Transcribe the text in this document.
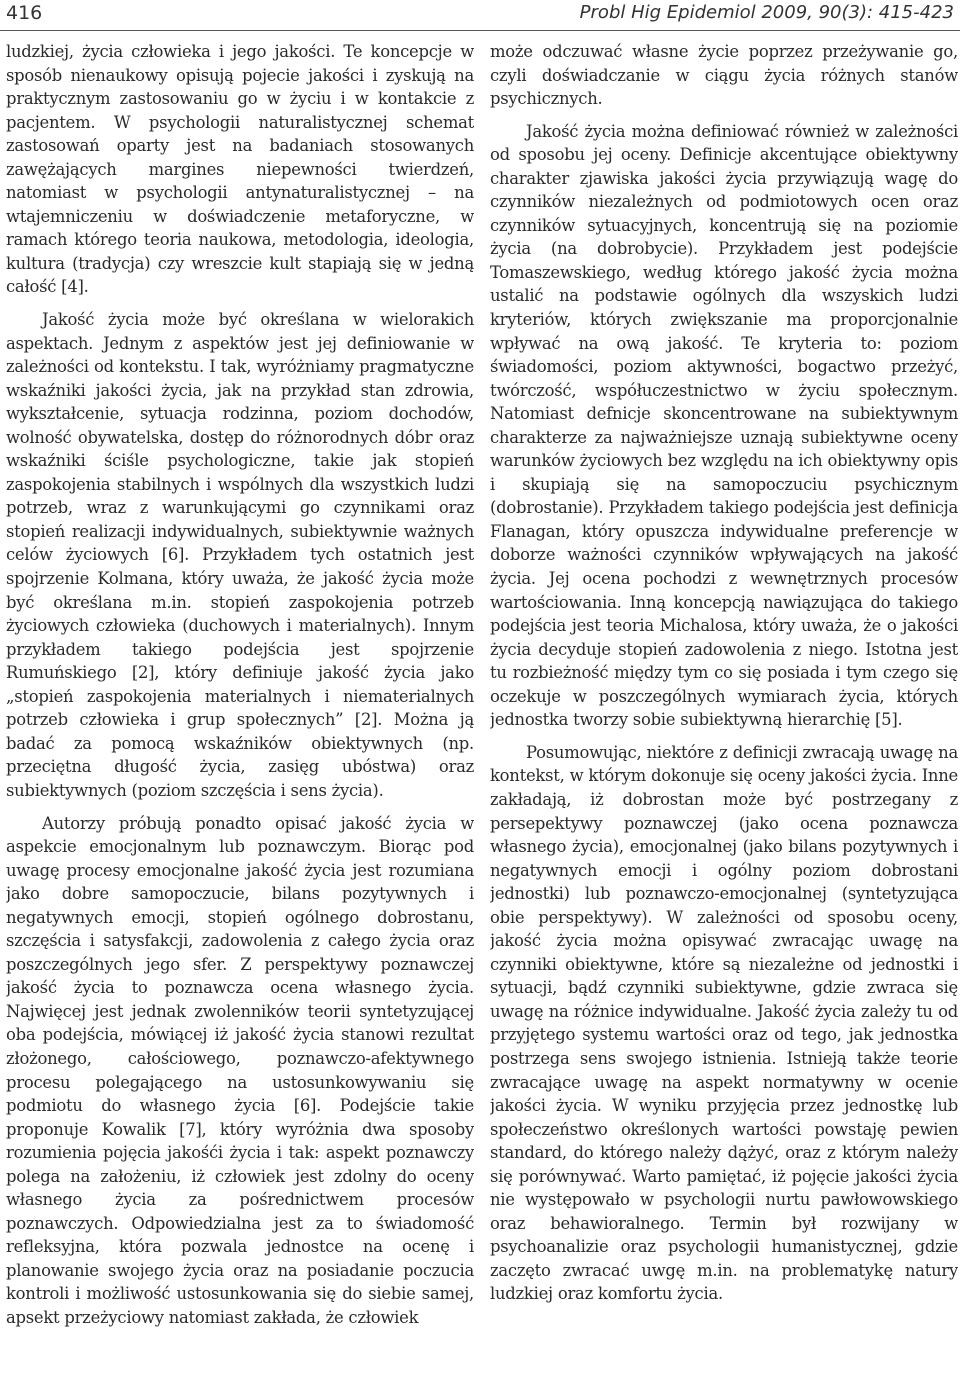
416	Probl Hig Epidemiol 2009, 90(3): 415-423

ludzkiej, życia człowieka i jego jakości. Te koncepcje w sposób nienaukowy opisują pojecie jakości i zyskują na praktycznym zastosowaniu go w życiu i w kontakcie z pacjentem. W psychologii naturalistycznej schemat zastosowań oparty jest na badaniach stosowanych zawężających margines niepewności twierdzeń, natomiast w psychologii antynaturalistycznej – na wtajemniczeniu w doświadczenie metaforyczne, w ramach którego teoria naukowa, metodologia, ideologia, kultura (tradycja) czy wreszcie kult stapiają się w jedną całość [4].

Jakość życia może być określana w wielorakich aspektach. Jednym z aspektów jest jej definiowanie w zależności od kontekstu. I tak, wyróżniamy pragmatyczne wskaźniki jakości życia, jak na przykład stan zdrowia, wykształcenie, sytuacja rodzinna, poziom dochodów, wolność obywatelska, dostęp do różnorodnych dóbr oraz wskaźniki ściśle psychologiczne, takie jak stopień zaspokojenia stabilnych i wspólnych dla wszystkich ludzi potrzeb, wraz z warunkującymi go czynnikami oraz stopień realizacji indywidualnych, subiektywnie ważnych celów życiowych [6]. Przykładem tych ostatnich jest spojrzenie Kolmana, który uważa, że jakość życia może być określana m.in. stopień zaspokojenia potrzeb życiowych człowieka (duchowych i materialnych). Innym przykładem takiego podejścia jest spojrzenie Rumuńskiego [2], który definiuje jakość życia jako „stopień zaspokojenia materialnych i niematerialnych potrzeb człowieka i grup społecznych” [2]. Można ją badać za pomocą wskaźników obiektywnych (np. przeciętna długość życia, zasięg ubóstwa) oraz subiektywnych (poziom szczęścia i sens życia).

Autorzy próbują ponadto opisać jakość życia w aspekcie emocjonalnym lub poznawczym. Biorąc pod uwagę procesy emocjonalne jakość życia jest rozumiana jako dobre samopoczucie, bilans pozytywnych i negatywnych emocji, stopień ogólnego dobrostanu, szczęścia i satysfakcji, zadowolenia z całego życia oraz poszczególnych jego sfer. Z perspektywy poznawczej jakość życia to poznawcza ocena własnego życia. Najwięcej jest jednak zwolenników teorii syntetyzującej oba podejścia, mówiącej iż jakość życia stanowi rezultat złożonego, całościowego, poznawczo-afektywnego procesu polegającego na ustosunkowywaniu się podmiotu do własnego życia [6]. Podejście takie proponuje Kowalik [7], który wyróżnia dwa sposoby rozumienia pojęcia jakośći życia i tak: aspekt poznawczy polega na założeniu, iż człowiek jest zdolny do oceny własnego życia za pośrednictwem procesów poznawczych. Odpowiedzialna jest za to świadomość refleksyjna, która pozwala jednostce na ocenę i planowanie swojego życia oraz na posiadanie poczucia kontroli i możliwość ustosunkowania się do siebie samej, apsekt przeżyciowy natomiast zakłada, że człowiek

może odczuwać własne życie poprzez przeżywanie go, czyli doświadczanie w ciągu życia różnych stanów psychicznych.

Jakość życia można definiować również w zależności od sposobu jej oceny. Definicje akcentujące obiektywny charakter zjawiska jakości życia przywiązują wagę do czynników niezależnych od podmiotowych ocen oraz czynników sytuacyjnych, koncentrują się na poziomie życia (na dobrobycie). Przykładem jest podejście Tomaszewskiego, według którego jakość życia można ustalić na podstawie ogólnych dla wszyskich ludzi kryteriów, których zwiększanie ma proporcjonalnie wpływać na ową jakość. Te kryteria to: poziom świadomości, poziom aktywności, bogactwo przeżyć, twórczość, współuczestnictwo w życiu społecznym. Natomiast defnicje skoncentrowane na subiektywnym charakterze za najważniejsze uznają subiektywne oceny warunków życiowych bez względu na ich obiektywny opis i skupiają się na samopoczuciu psychicznym (dobrostanie). Przykładem takiego podejścia jest definicja Flanagan, który opuszcza indywidualne preferencje w doborze ważności czynników wpływających na jakość życia. Jej ocena pochodzi z wewnętrznych procesów wartościowania. Inną koncepcją nawiązująca do takiego podejścia jest teoria Michalosa, który uważa, że o jakości życia decyduje stopień zadowolenia z niego. Istotna jest tu rozbieżność między tym co się posiada i tym czego się oczekuje w poszczególnych wymiarach życia, których jednostka tworzy sobie subiektywną hierarchię [5].

Posumowując, niektóre z definicji zwracają uwagę na kontekst, w którym dokonuje się oceny jakości życia. Inne zakładają, iż dobrostan może być postrzegany z persepektywy poznawczej (jako ocena poznawcza własnego życia), emocjonalnej (jako bilans pozytywnych i negatywnych emocji i ogólny poziom dobrostani jednostki) lub poznawczo-emocjonalnej (syntetyzująca obie perspektywy). W zależności od sposobu oceny, jakość życia można opisywać zwracając uwagę na czynniki obiektywne, które są niezależne od jednostki i sytuacji, bądź czynniki subiektywne, gdzie zwraca się uwagę na różnice indywidualne. Jakość życia zależy tu od przyjętego systemu wartości oraz od tego, jak jednostka postrzega sens swojego istnienia. Istnieją także teorie zwracające uwagę na aspekt normatywny w ocenie jakości życia. W wyniku przyjęcia przez jednostkę lub społeczeństwo określonych wartości powstaję pewien standard, do którego należy dążyć, oraz z którym należy się porównywać. Warto pamiętać, iż pojęcie jakości życia nie występowało w psychologii nurtu pawłowowskiego oraz behawioralnego. Termin był rozwijany w psychoanalizie oraz psychologii humanistycznej, gdzie zaczęto zwracać uwgę m.in. na problematykę natury ludzkiej oraz komfortu życia.
